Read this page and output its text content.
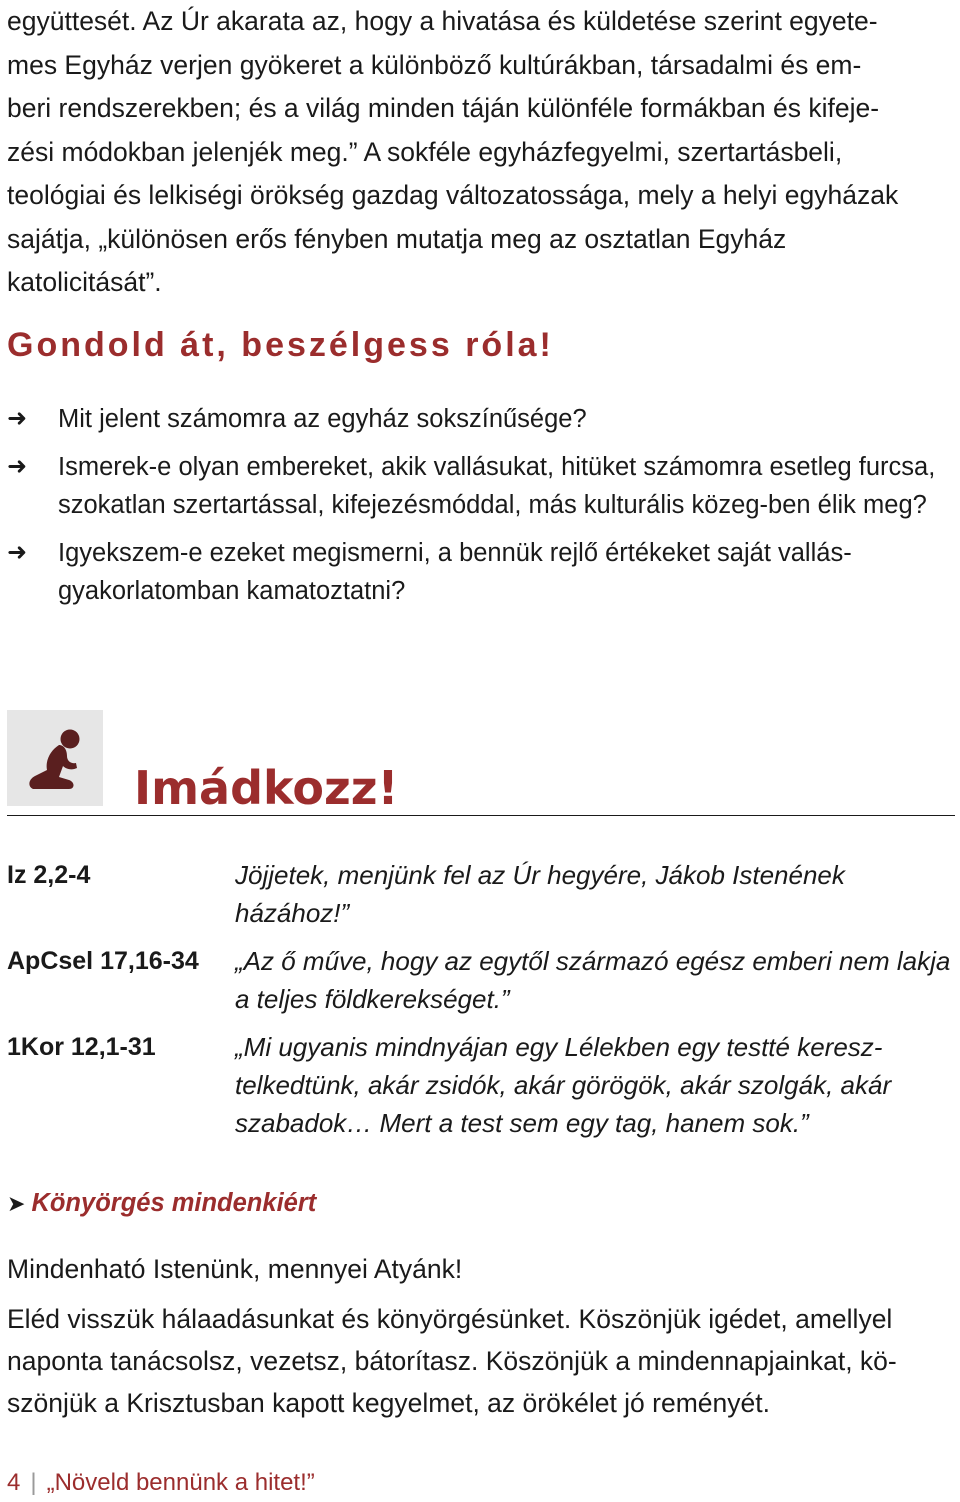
együttesét. Az Úr akarata az, hogy a hivatása és küldetése szerint egyete-
mes Egyház verjen gyökeret a különböző kultúrákban, társadalmi és em-
beri rendszerekben; és a világ minden táján különféle formákban és kifeje-
zési módokban jelenjék meg.” A sokféle egyházfegyelmi, szertartásbeli,
teológiai és lelkiségi örökség gazdag változatossága, mely a helyi egyházak
sajátja, „különösen erős fényben mutatja meg az osztatlan Egyház
katolicitását”.
Gondold át, beszélgess róla!
➜ Mit jelent számomra az egyház sokszínűsége?
➜ Ismerek-e olyan embereket, akik vallásukat, hitüket számomra esetleg furcsa, szokatlan szertartással, kifejezésmóddal, más kulturális közeg-ben élik meg?
➜ Igyekszem-e ezeket megismerni, a bennük rejlő értékeket saját vallás-gyakorlatomban kamatoztatni?
Imádkozz!
Iz 2,2-4	Jöjjetek, menjünk fel az Úr hegyére, Jákob Istenének házához!”
ApCsel 17,16-34 „Az ő műve, hogy az egytől származó egész emberi nem lakja a teljes földkerekséget.”
1Kor 12,1-31	„Mi ugyanis mindnyájan egy Lélekben egy testté keresz-telkedtünk, akár zsidók, akár görögök, akár szolgák, akár szabadok… Mert a test sem egy tag, hanem sok.”
➤ Könyörgés mindenkiért

Mindenható Istenünk, mennyei Atyánk!

Eléd visszük hálaadásunkat és könyörgésünket. Köszönjük igédet, amellyel naponta tanácsolsz, vezetsz, bátorítasz. Köszönjük a mindennapjainkat, kö-szönjük a Krisztusban kapott kegyelmet, az örökélet jó reményét.

4 | „Növeld bennünk a hitet!”
